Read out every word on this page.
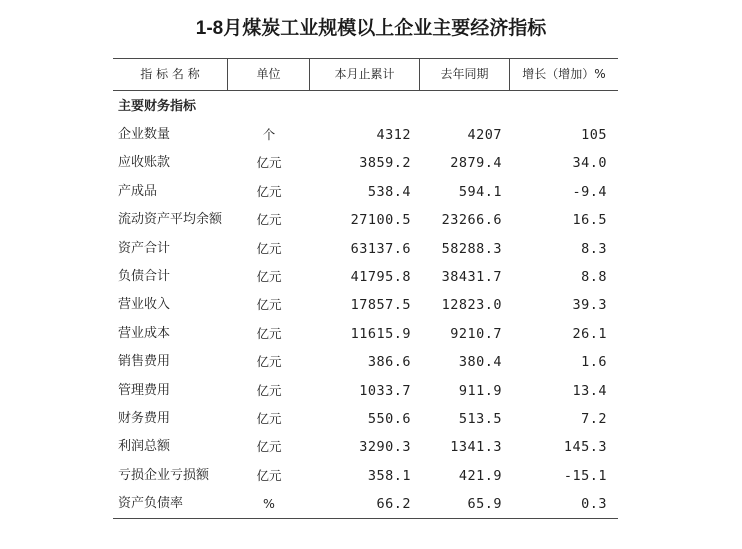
1-8月煤炭工业规模以上企业主要经济指标
指 标 名 称	单位	本月止累计	去年同期	增长（增加）%
主要财务指标
企业数量	个	4312	4207	105
应收账款	亿元	3859.2	2879.4	34.0
产成品	亿元	538.4	594.1	-9.4
流动资产平均余额	亿元	27100.5	23266.6	16.5
资产合计	亿元	63137.6	58288.3	8.3
负债合计	亿元	41795.8	38431.7	8.8
营业收入	亿元	17857.5	12823.0	39.3
营业成本	亿元	11615.9	9210.7	26.1
销售费用	亿元	386.6	380.4	1.6
管理费用	亿元	1033.7	911.9	13.4
财务费用	亿元	550.6	513.5	7.2
利润总额	亿元	3290.3	1341.3	145.3
亏损企业亏损额	亿元	358.1	421.9	-15.1
资产负债率	%	66.2	65.9	0.3
